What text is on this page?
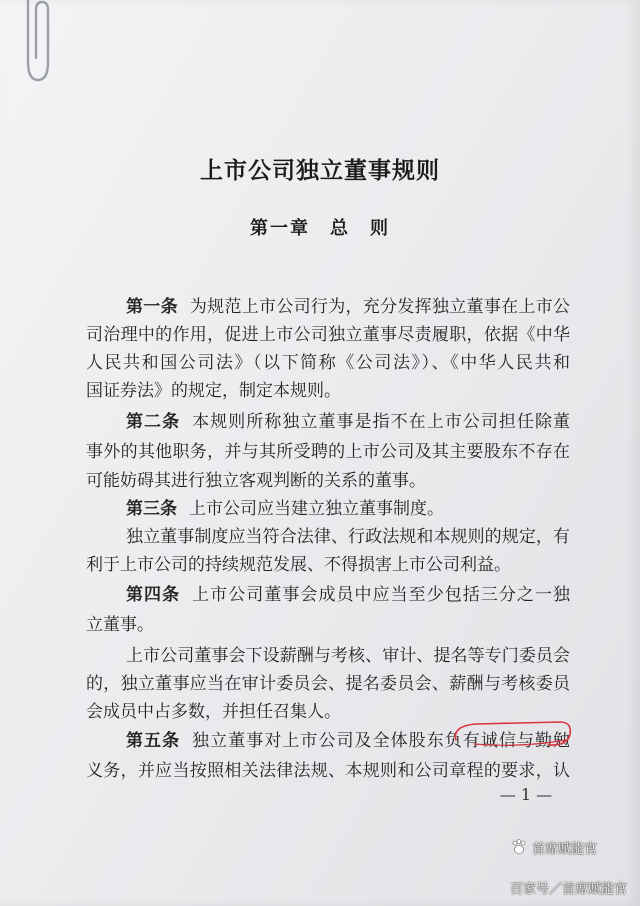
上市公司独立董事规则
第一章　总　则
第一条 为规范上市公司行为，充分发挥独立董事在上市公
司治理中的作用，促进上市公司独立董事尽责履职，依据《中华
人民共和国公司法》（以下简称《公司法》）、《中华人民共和
国证券法》的规定，制定本规则。
第二条 本规则所称独立董事是指不在上市公司担任除董
事外的其他职务，并与其所受聘的上市公司及其主要股东不存在
可能妨碍其进行独立客观判断的关系的董事。
第三条 上市公司应当建立独立董事制度。
独立董事制度应当符合法律、行政法规和本规则的规定，有
利于上市公司的持续规范发展、不得损害上市公司利益。
第四条 上市公司董事会成员中应当至少包括三分之一独
立董事。
上市公司董事会下设薪酬与考核、审计、提名等专门委员会
的，独立董事应当在审计委员会、提名委员会、薪酬与考核委员
会成员中占多数，并担任召集人。
第五条 独立董事对上市公司及全体股东负有诚信与勤勉
义务，并应当按照相关法律法规、本规则和公司章程的要求，认
— 1 —
首席赋能官
百家号／首席赋能官
